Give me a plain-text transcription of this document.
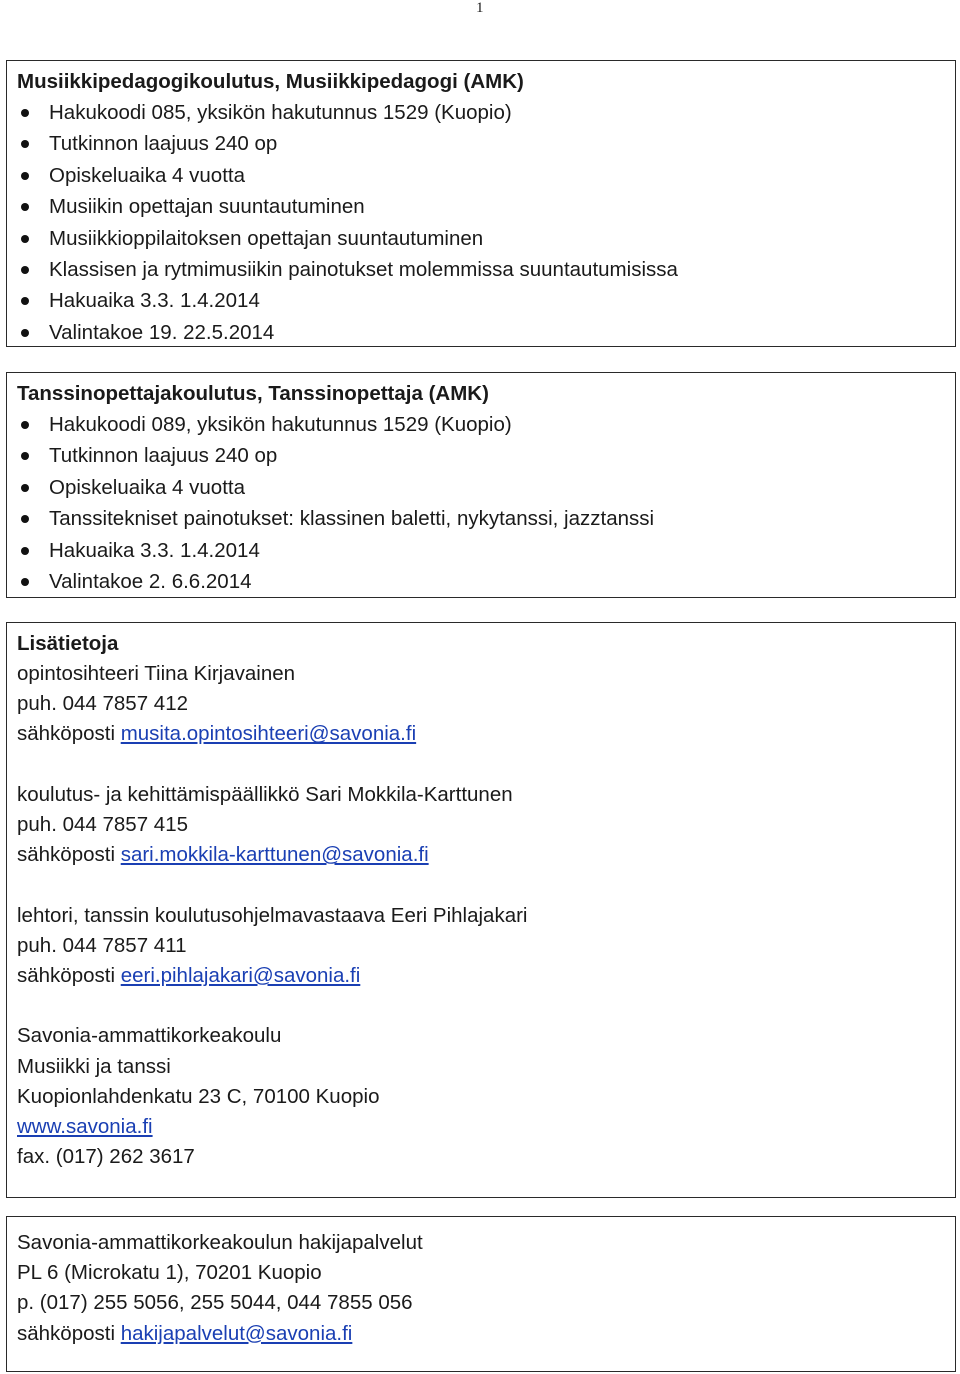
1
Musiikkipedagogikoulutus, Musiikkipedagogi (AMK)
Hakukoodi 085, yksikön hakutunnus 1529 (Kuopio)
Tutkinnon laajuus 240 op
Opiskeluaika 4 vuotta
Musiikin opettajan suuntautuminen
Musiikkioppilaitoksen opettajan suuntautuminen
Klassisen ja rytmimusiikin painotukset molemmissa suuntautumisissa
Hakuaika 3.3. 1.4.2014
Valintakoe 19. 22.5.2014
Tanssinopettajakoulutus, Tanssinopettaja (AMK)
Hakukoodi 089, yksikön hakutunnus 1529 (Kuopio)
Tutkinnon laajuus 240 op
Opiskeluaika 4 vuotta
Tanssitekniset painotukset: klassinen baletti, nykytanssi, jazztanssi
Hakuaika 3.3. 1.4.2014
Valintakoe 2. 6.6.2014
Lisätietoja
opintosihteeri Tiina Kirjavainen
puh. 044 7857 412
sähköposti musita.opintosihteeri@savonia.fi
koulutus- ja kehittämispäällikkö Sari Mokkila-Karttunen
puh. 044 7857 415
sähköposti sari.mokkila-karttunen@savonia.fi
lehtori, tanssin koulutusohjelmavastaava Eeri Pihlajakari
puh. 044 7857 411
sähköposti eeri.pihlajakari@savonia.fi
Savonia-ammattikorkeakoulu
Musiikki ja tanssi
Kuopionlahdenkatu 23 C, 70100 Kuopio
www.savonia.fi
fax. (017) 262 3617
Savonia-ammattikorkeakoulun hakijapalvelut
PL 6 (Microkatu 1), 70201 Kuopio
p. (017) 255 5056, 255 5044, 044 7855 056
sähköposti hakijapalvelut@savonia.fi
